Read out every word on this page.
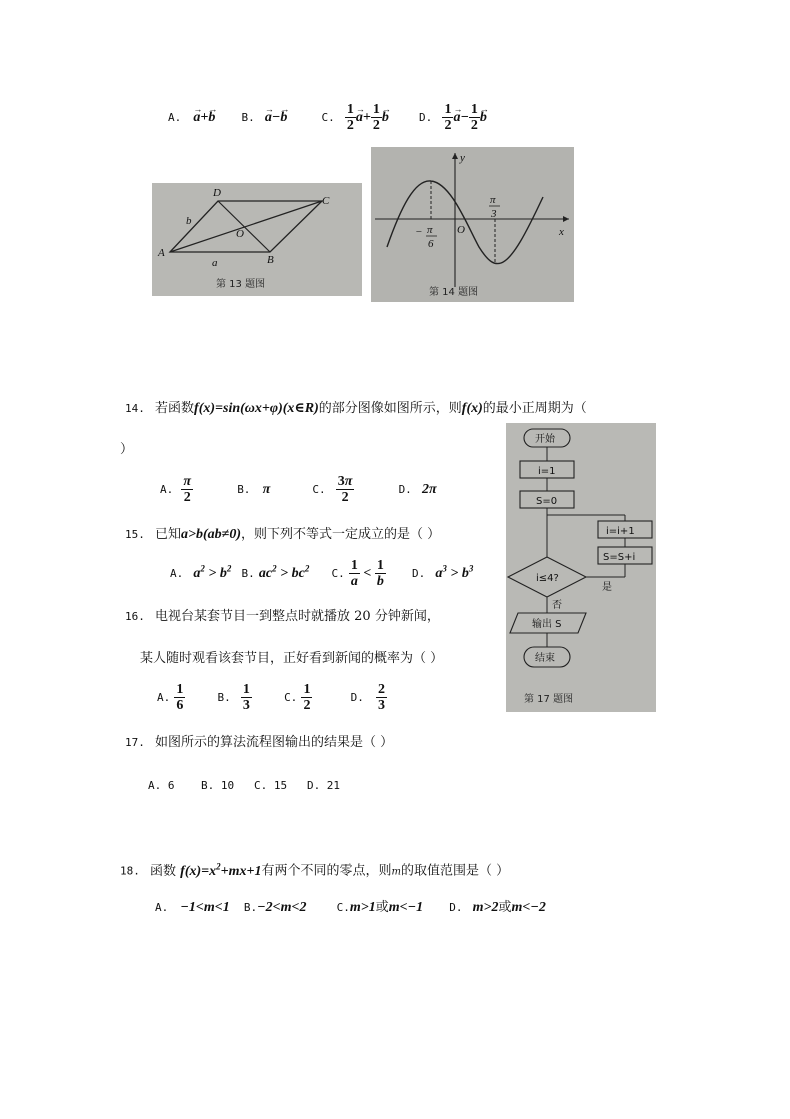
A. → a+→ b B. → a−→ b	C. $\frac{1}{2}$
→ $a+ \frac{1}{2}$
→ b	D. $\frac{1}{2}$
→ $a- \frac{1}{2}$
→ b
A
D
C
B
O
b
a
第 13 题图
y
x
O
− π
6
π
3
第 14 题图
14. 若函数f(x)=sin(ωx+φ)(x∈R)的部分图像如图所示，则f(x)的最小正周期为（
）
A. $\frac{\pi}{2}$	B. π	C. $\frac{3\pi}{2}$	D. 2π
15. 已知a>b(ab≠0)，则下列不等式一定成立的是（ ）
A. $a^2 > b^2$ B. $ac^2 > bc^2$ C. $\frac{1}{a} < \frac{1}{b} D$. $a^3 > b^3$
16. 电视台某套节目一到整点时就播放 20 分钟新闻，
某人随时观看该套节目，正好看到新闻的概率为（ ）
A. $\frac{1}{6}$	B. $\frac{1}{3}$	C. $\frac{1}{2}$	D. $\frac{2}{3}$
开始
i=1
S=0
i≤4?
i=i+1
S=S+i
是
否
输出 S
结束
第 17 题图
17. 如图所示的算法流程图输出的结果是（ ）
A. 6    B. 10   C. 15   D. 21
18. 函数 $f(x)=x^2+mx+1$有两个不同的零点，则m的取值范围是（ ）
A. −1<m<1 B.−2<m<2	C.m>1或m<−1 D. m>2或m<−2
